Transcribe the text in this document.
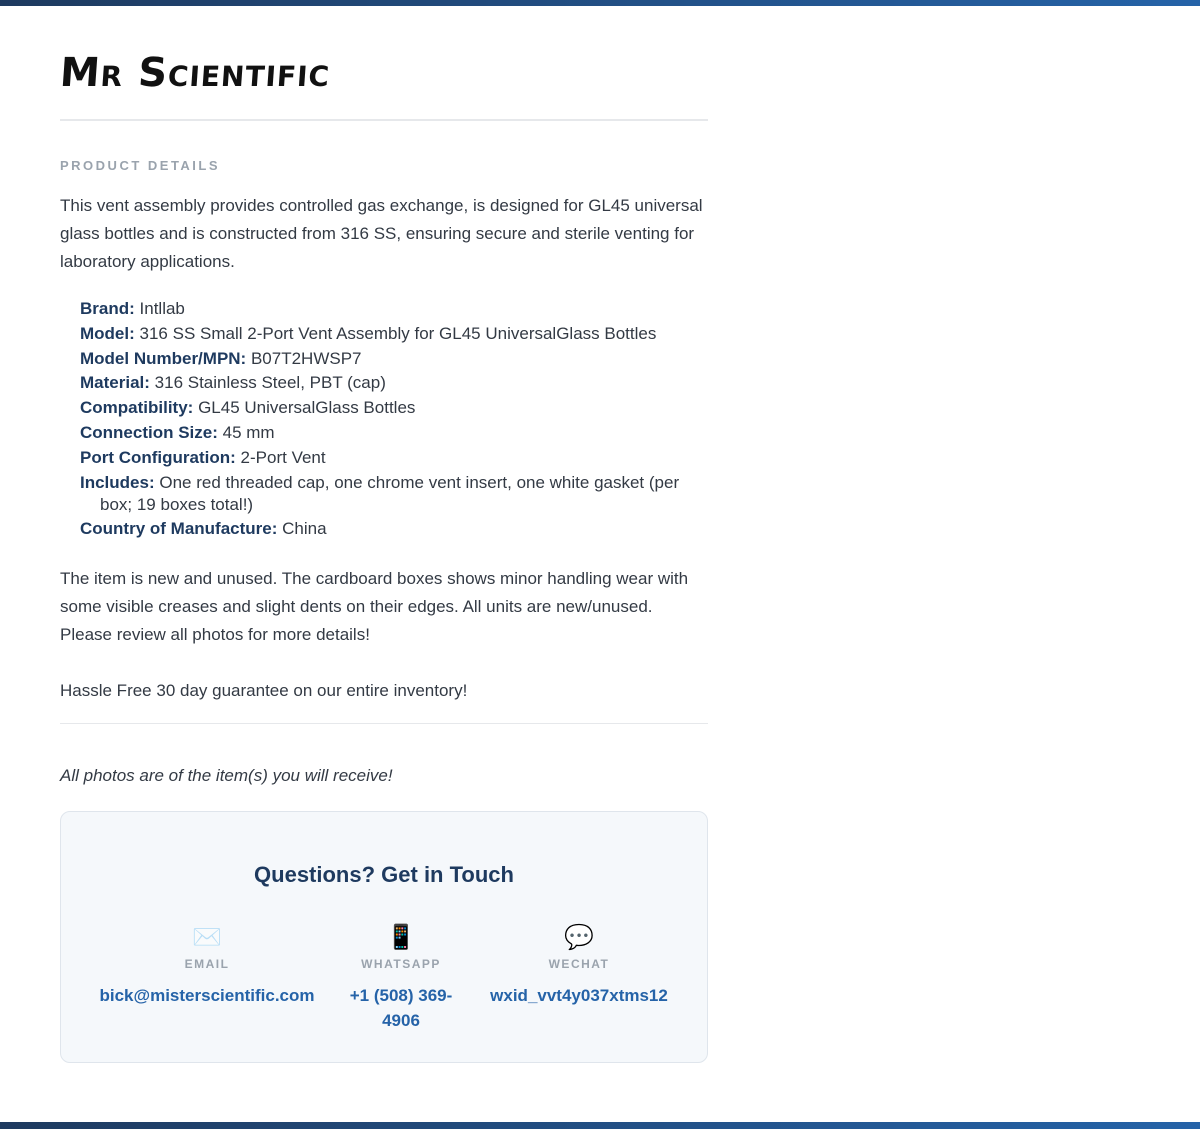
Mr Scientific
PRODUCT DETAILS

This vent assembly provides controlled gas exchange, is designed for GL45 universal glass bottles and is constructed from 316 SS, ensuring secure and sterile venting for laboratory applications.

Brand: Intllab
Model: 316 SS Small 2-Port Vent Assembly for GL45 UniversalGlass Bottles
Model Number/MPN: B07T2HWSP7
Material: 316 Stainless Steel, PBT (cap)
Compatibility: GL45 UniversalGlass Bottles
Connection Size: 45 mm
Port Configuration: 2-Port Vent
Includes: One red threaded cap, one chrome vent insert, one white gasket (per box; 19 boxes total!)
Country of Manufacture: China

The item is new and unused. The cardboard boxes shows minor handling wear with some visible creases and slight dents on their edges. All units are new/unused. Please review all photos for more details!

Hassle Free 30 day guarantee on our entire inventory!

All photos are of the item(s) you will receive!
Questions? Get in Touch
✉️
EMAIL
bick@misterscientific.com
📱
WHATSAPP
+1 (508) 369-4906
💬
WECHAT
wxid_vvt4y037xtms12
